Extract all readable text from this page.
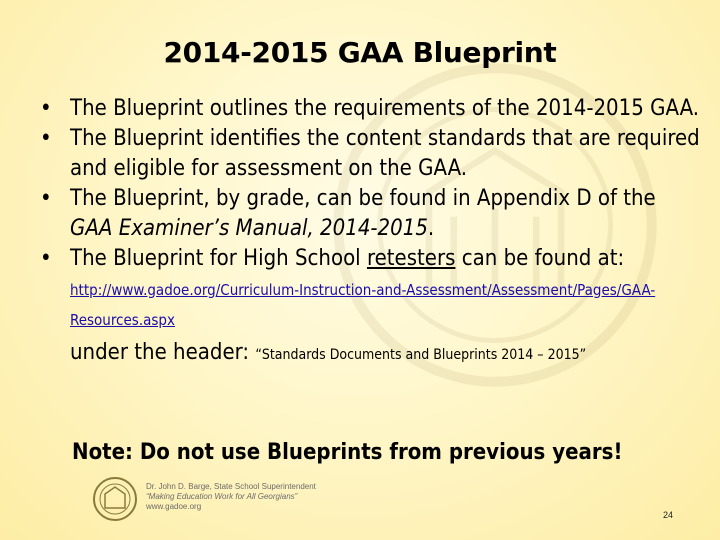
2014-2015 GAA Blueprint
• The Blueprint outlines the requirements of the 2014-2015 GAA.
• The Blueprint identifies the content standards that are required and eligible for assessment on the GAA.
• The Blueprint, by grade, can be found in Appendix D of the GAA Examiner’s Manual, 2014-2015.
• The Blueprint for High School retesters can be found at: http://www.gadoe.org/Curriculum-Instruction-and-Assessment/Assessment/Pages/GAA-Resources.aspx
under the header: “Standards Documents and Blueprints 2014 – 2015”
Note: Do not use Blueprints from previous years!
Dr. John D. Barge, State School Superintendent
“Making Education Work for All Georgians”
www.gadoe.org
24
